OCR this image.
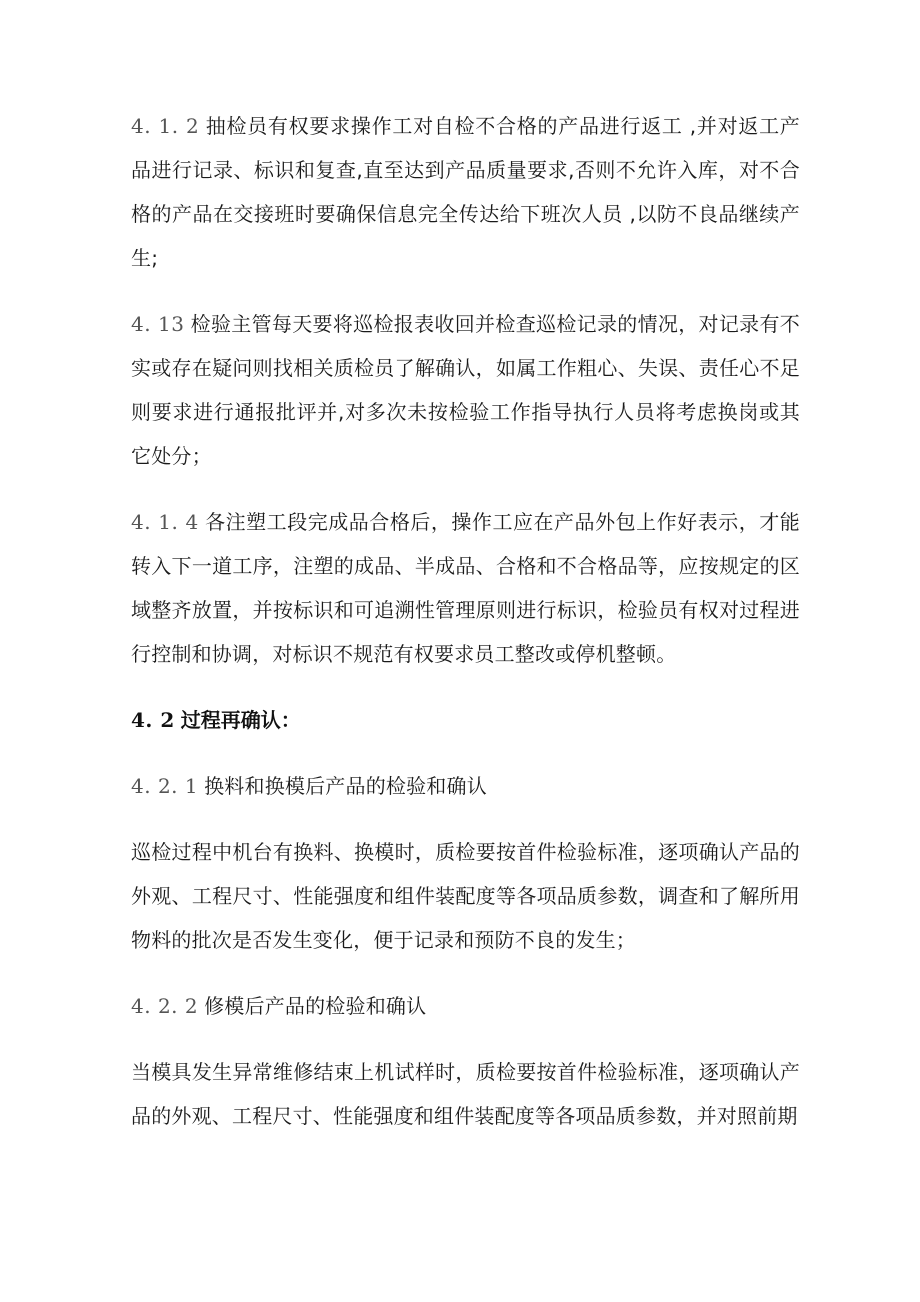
4. 1. 2 抽检员有权要求操作工对自检不合格的产品进行返工 ,并对返工产品进行记录、标识和复查,直至达到产品质量要求,否则不允许入库，对不合格的产品在交接班时要确保信息完全传达给下班次人员 ,以防不良品继续产生;

4. 13 检验主管每天要将巡检报表收回并检查巡检记录的情况，对记录有不实或存在疑问则找相关质检员了解确认，如属工作粗心、失误、责任心不足则要求进行通报批评并,对多次未按检验工作指导执行人员将考虑换岗或其它处分；

4. 1. 4 各注塑工段完成品合格后，操作工应在产品外包上作好表示，才能转入下一道工序，注塑的成品、半成品、合格和不合格品等，应按规定的区域整齐放置，并按标识和可追溯性管理原则进行标识，检验员有权对过程进行控制和协调，对标识不规范有权要求员工整改或停机整顿。

4. 2 过程再确认：

4. 2. 1 换料和换模后产品的检验和确认

巡检过程中机台有换料、换模时，质检要按首件检验标准，逐项确认产品的外观、工程尺寸、性能强度和组件装配度等各项品质参数，调查和了解所用物料的批次是否发生变化，便于记录和预防不良的发生；

4. 2. 2 修模后产品的检验和确认

当模具发生异常维修结束上机试样时，质检要按首件检验标准，逐项确认产品的外观、工程尺寸、性能强度和组件装配度等各项品质参数，并对照前期
